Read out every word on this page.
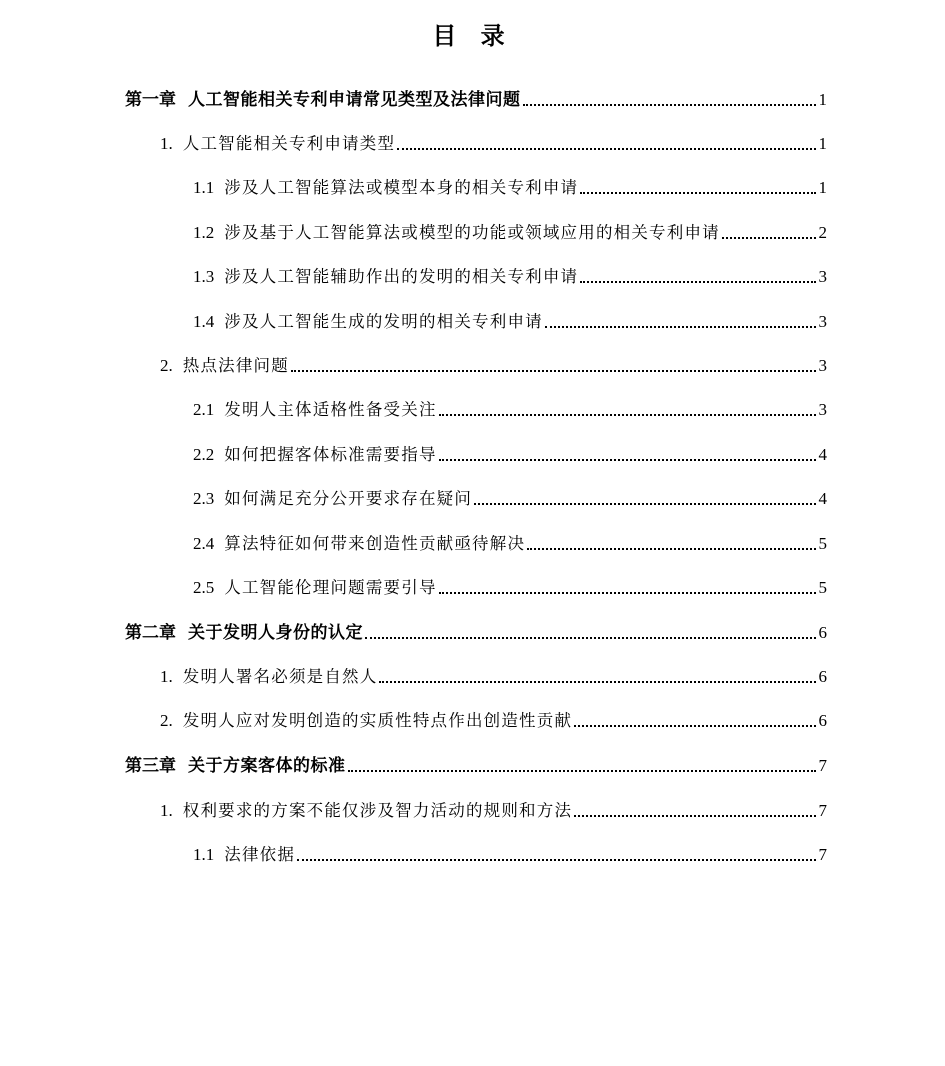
目 录
第一章 人工智能相关专利申请常见类型及法律问题	1
1. 人工智能相关专利申请类型	1
1.1 涉及人工智能算法或模型本身的相关专利申请	1
1.2 涉及基于人工智能算法或模型的功能或领域应用的相关专利申请	2
1.3 涉及人工智能辅助作出的发明的相关专利申请	3
1.4 涉及人工智能生成的发明的相关专利申请	3
2. 热点法律问题	3
2.1 发明人主体适格性备受关注	3
2.2 如何把握客体标准需要指导	4
2.3 如何满足充分公开要求存在疑问	4
2.4 算法特征如何带来创造性贡献亟待解决	5
2.5 人工智能伦理问题需要引导	5
第二章 关于发明人身份的认定	6
1. 发明人署名必须是自然人	6
2. 发明人应对发明创造的实质性特点作出创造性贡献	6
第三章 关于方案客体的标准	7
1. 权利要求的方案不能仅涉及智力活动的规则和方法	7
1.1 法律依据	7
